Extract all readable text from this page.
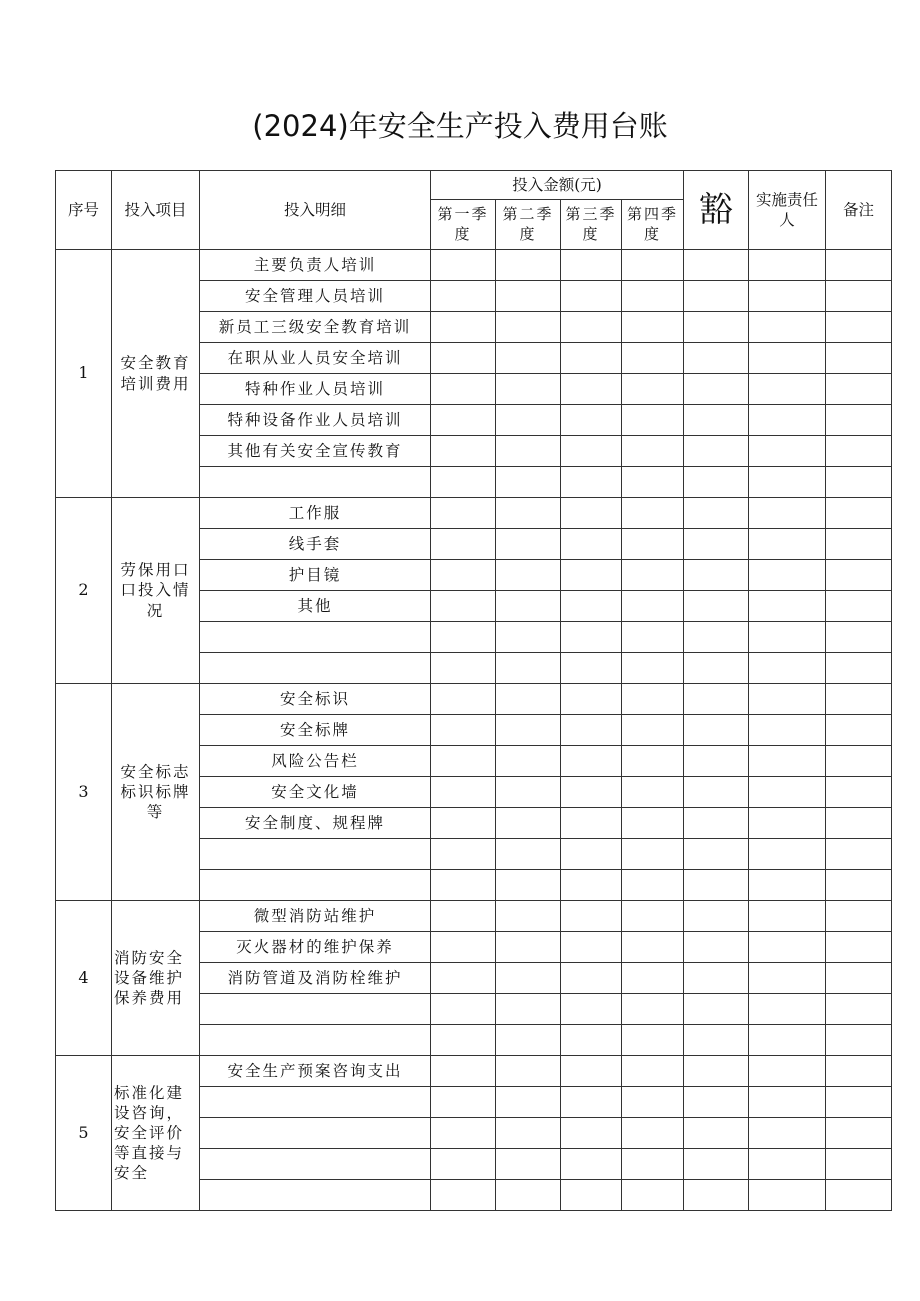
(2024)年安全生产投入费用台账
序号	投入项目	投入明细	投入金额(元)				豁	实施责任人	备注
			第一季度	第二季度	第三季度	第四季度			
1	安全教育培训费用	主要负责人培训							
		安全管理人员培训							
		新员工三级安全教育培训							
		在职从业人员安全培训							
		特种作业人员培训							
		特种设备作业人员培训							
		其他有关安全宣传教育							

2	劳保用口口投入情况	工作服							
		线手套							
		护目镜							
		其他							

3	安全标志标识标牌等	安全标识							
		安全标牌							
		风险公告栏							
		安全文化墙							
		安全制度、规程牌							

4	消防安全设备维护保养费用	微型消防站维护							
		灭火器材的维护保养							
		消防管道及消防栓维护							

5	标准化建设咨询，安全评价等直接与安全	安全生产预案咨询支出							
